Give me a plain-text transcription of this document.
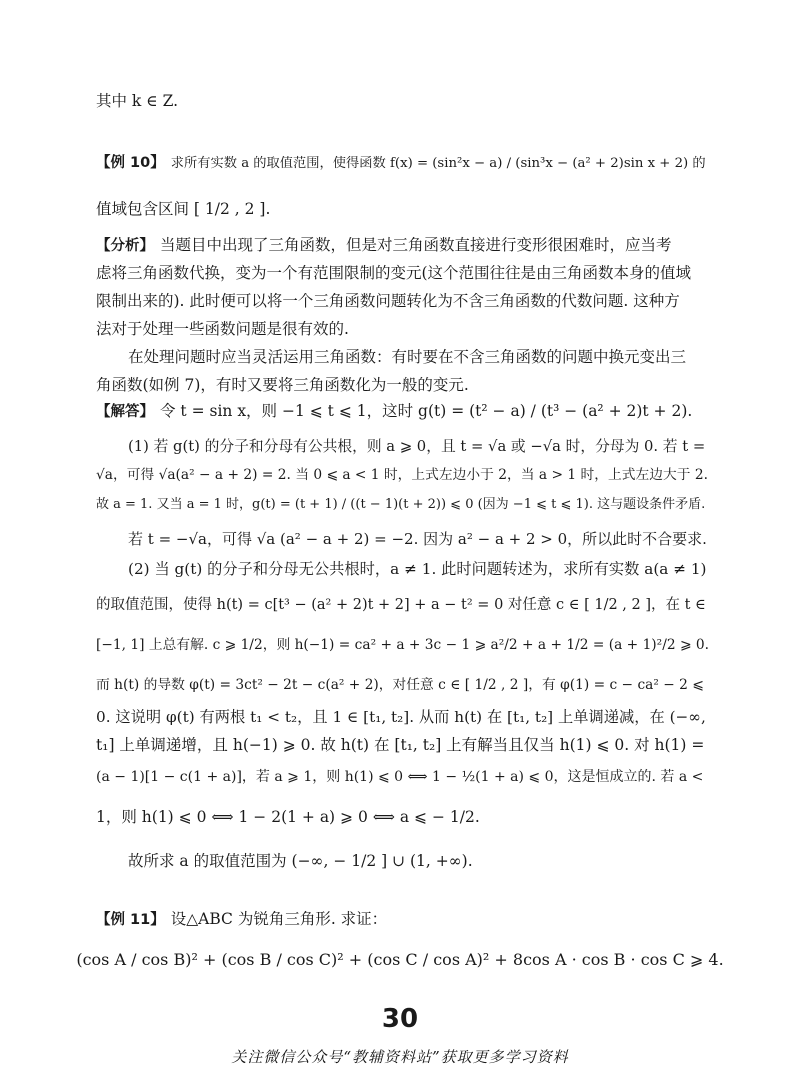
其中 k ∈ Z.
【例 10】 求所有实数 a 的取值范围，使得函数 f(x) = (sin²x − a) / (sin³x − (a² + 2)sin x + 2) 的
值域包含区间 [ 1/2 , 2 ].
【分析】 当题目中出现了三角函数，但是对三角函数直接进行变形很困难时，应当考
虑将三角函数代换，变为一个有范围限制的变元(这个范围往往是由三角函数本身的值域
限制出来的). 此时便可以将一个三角函数问题转化为不含三角函数的代数问题. 这种方
法对于处理一些函数问题是很有效的.
在处理问题时应当灵活运用三角函数：有时要在不含三角函数的问题中换元变出三
角函数(如例 7)，有时又要将三角函数化为一般的变元.
【解答】 令 t = sin x，则 −1 ⩽ t ⩽ 1，这时 g(t) = (t² − a) / (t³ − (a² + 2)t + 2).
(1) 若 g(t) 的分子和分母有公共根，则 a ⩾ 0，且 t = √a 或 −√a 时，分母为 0. 若 t =
√a，可得 √a(a² − a + 2) = 2. 当 0 ⩽ a < 1 时，上式左边小于 2，当 a > 1 时，上式左边大于 2.
故 a = 1. 又当 a = 1 时，g(t) = (t + 1) / ((t − 1)(t + 2)) ⩽ 0 (因为 −1 ⩽ t ⩽ 1). 这与题设条件矛盾.
若 t = −√a，可得 √a (a² − a + 2) = −2. 因为 a² − a + 2 > 0，所以此时不合要求.
(2) 当 g(t) 的分子和分母无公共根时，a ≠ 1. 此时问题转述为，求所有实数 a(a ≠ 1)
的取值范围，使得 h(t) = c[t³ − (a² + 2)t + 2] + a − t² = 0 对任意 c ∈ [ 1/2 , 2 ]，在 t ∈
[−1, 1] 上总有解. c ⩾ 1/2，则 h(−1) = ca² + a + 3c − 1 ⩾ a²/2 + a + 1/2 = (a + 1)²/2 ⩾ 0.
而 h(t) 的导数 φ(t) = 3ct² − 2t − c(a² + 2)，对任意 c ∈ [ 1/2 , 2 ]，有 φ(1) = c − ca² − 2 ⩽
0. 这说明 φ(t) 有两根 t₁ < t₂，且 1 ∈ [t₁, t₂]. 从而 h(t) 在 [t₁, t₂] 上单调递减，在 (−∞,
t₁] 上单调递增，且 h(−1) ⩾ 0. 故 h(t) 在 [t₁, t₂] 上有解当且仅当 h(1) ⩽ 0. 对 h(1) =
(a − 1)[1 − c(1 + a)]，若 a ⩾ 1，则 h(1) ⩽ 0 ⟺ 1 − ½(1 + a) ⩽ 0，这是恒成立的. 若 a <
1，则 h(1) ⩽ 0 ⟺ 1 − 2(1 + a) ⩾ 0 ⟺ a ⩽ − 1/2.
故所求 a 的取值范围为 (−∞, − 1/2 ] ∪ (1, +∞).
【例 11】 设△ABC 为锐角三角形. 求证：
(cos A / cos B)² + (cos B / cos C)² + (cos C / cos A)² + 8cos A · cos B · cos C ⩾ 4.
30
关注微信公众号“教辅资料站”获取更多学习资料
